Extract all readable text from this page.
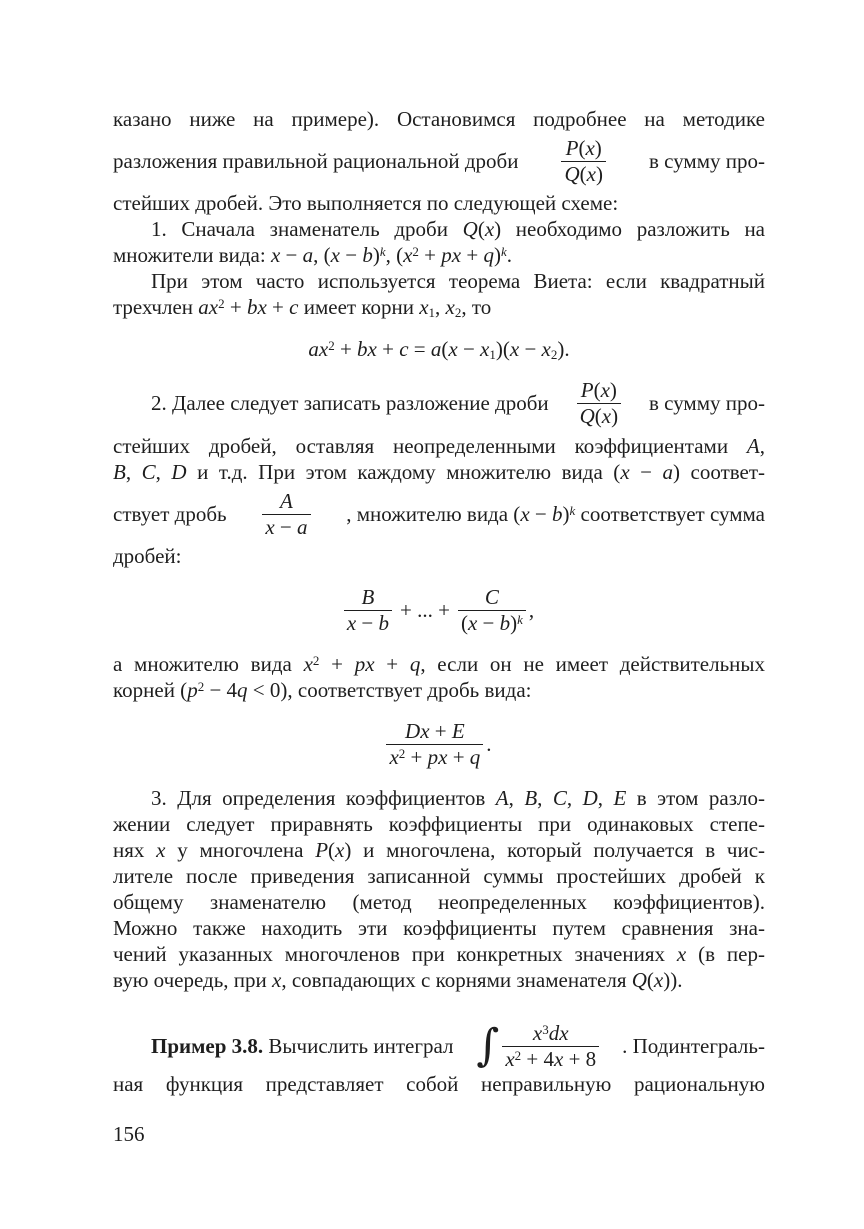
казано ниже на примере). Остановимся подробнее на методике
разложения правильной рациональной дроби $\frac{P(x)}{Q(x)}$ в сумму про-
стейших дробей. Это выполняется по следующей схеме:
1. Сначала знаменатель дроби Q(x) необходимо разложить на
множители вида: x − a, $(x - b)^k$, ($x^2$ + px + q)$^k$.
При этом часто используется теорема Виета: если квадратный
трехчлен $ax^2$ + bx + c имеет корни $x_1$, $x_2$, то
$ax^2$ + bx + $c = a(x - x_1)(x - x_2)$.
2. Далее следует записать разложение дроби $\frac{P(x)}{Q(x)}$ в сумму про-
стейших дробей, оставляя неопределенными коэффициентами A,
B, C, D и т.д. При этом каждому множителю вида (x − a) соответ-
ствует дробь $\frac{A}{x - a}$ , множителю вида $(x - b)^k$ соответствует сумма
дробей:
$\frac{B}{x - b}$ + ... + $\frac{C}{(x - b)^k}$ ,
а множителю вида $x^2$ + px + q, если он не имеет действительных
корней $(p^2 - 4q < 0)$, соответствует дробь вида:
$\frac{Dx + E}{x^2 + px + q}$ .
3. Для определения коэффициентов A, B, C, D, E в этом разло-
жении следует приравнять коэффициенты при одинаковых степе-
нях x у многочлена P(x) и многочлена, который получается в чис-
лителе после приведения записанной суммы простейших дробей к
общему знаменателю (метод неопределенных коэффициентов).
Можно также находить эти коэффициенты путем сравнения зна-
чений указанных многочленов при конкретных значениях x (в пер-
вую очередь, при x, совпадающих с корнями знаменателя Q(x)).
Пример 3.8. Вычислить интеграл ∫ $\frac{x^3dx}{x^2 + 4x + 8}$ . Подинтеграль-
ная функция представляет собой неправильную рациональную
156
